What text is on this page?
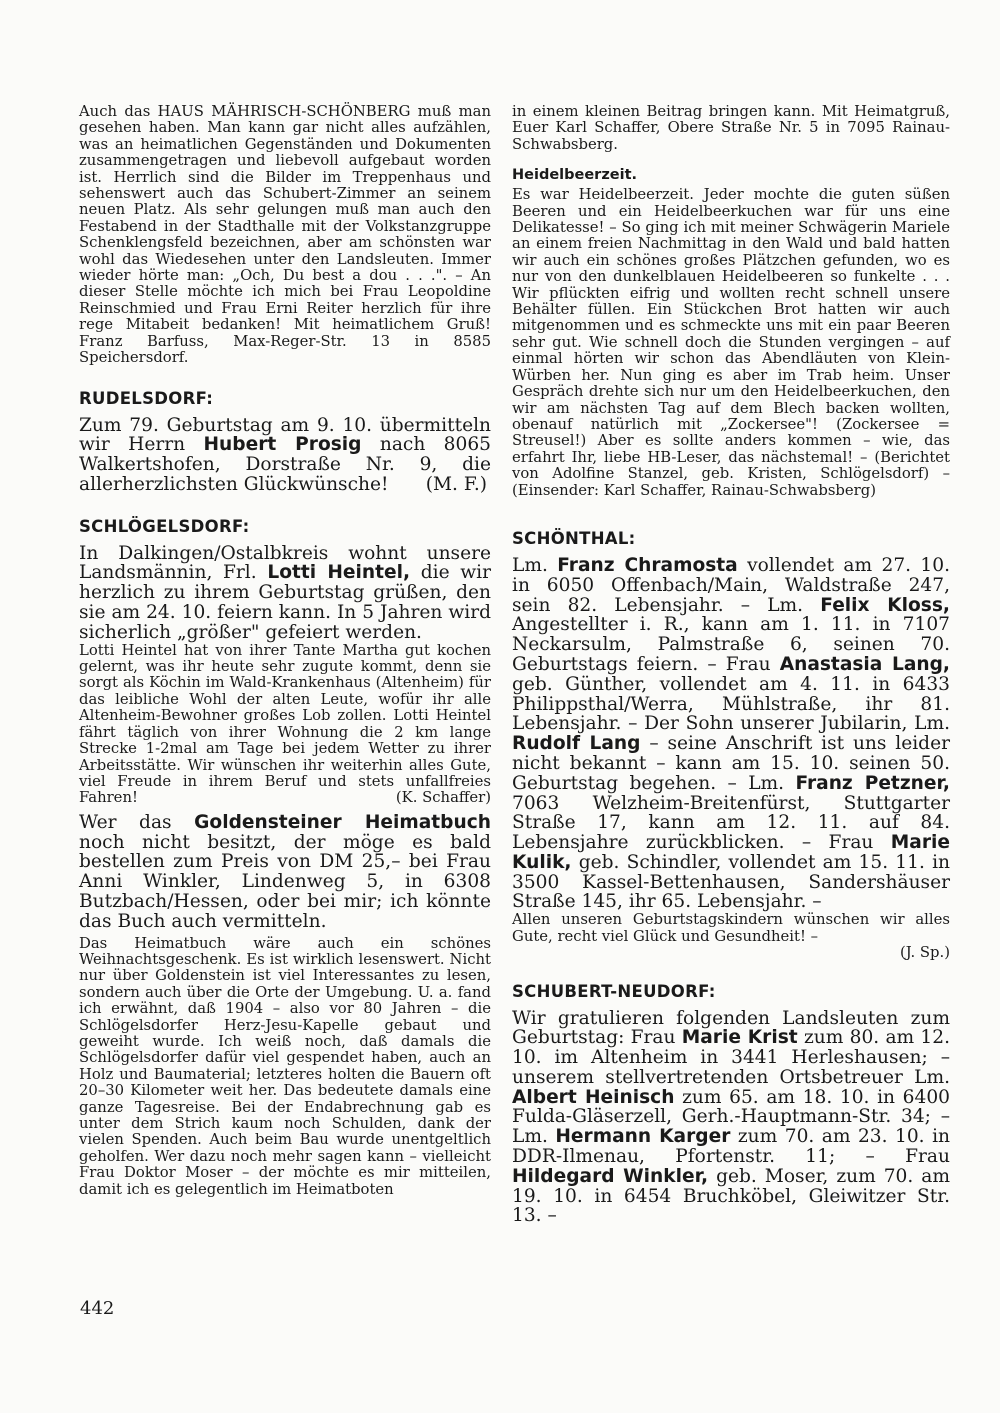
Auch das HAUS MÄHRISCH-SCHÖNBERG muß man gesehen haben. Man kann gar nicht alles aufzählen, was an heimatlichen Gegenständen und Dokumenten zusammengetragen und liebevoll aufgebaut worden ist. Herrlich sind die Bilder im Treppenhaus und sehenswert auch das Schubert-Zimmer an seinem neuen Platz. Als sehr gelungen muß man auch den Festabend in der Stadthalle mit der Volkstanzgruppe Schenklengsfeld bezeichnen, aber am schönsten war wohl das Wiedesehen unter den Landsleuten. Immer wieder hörte man: „Och, Du best a dou . . .". – An dieser Stelle möchte ich mich bei Frau Leopoldine Reinschmied und Frau Erni Reiter herzlich für ihre rege Mitabeit bedanken! Mit heimatlichem Gruß! Franz Barfuss, Max-Reger-Str. 13 in 8585 Speichersdorf.

RUDELSDORF:

Zum 79. Geburtstag am 9. 10. übermitteln wir Herrn Hubert Prosig nach 8065 Walkertshofen, Dorstraße Nr. 9, die allerherzlichsten Glückwünsche! (M. F.)

SCHLÖGELSDORF:

In Dalkingen/Ostalbkreis wohnt unsere Landsmännin, Frl. Lotti Heintel, die wir herzlich zu ihrem Geburtstag grüßen, den sie am 24. 10. feiern kann. In 5 Jahren wird sicherlich „größer" gefeiert werden.

Lotti Heintel hat von ihrer Tante Martha gut kochen gelernt, was ihr heute sehr zugute kommt, denn sie sorgt als Köchin im Wald-Krankenhaus (Altenheim) für das leibliche Wohl der alten Leute, wofür ihr alle Altenheim-Bewohner großes Lob zollen. Lotti Heintel fährt täglich von ihrer Wohnung die 2 km lange Strecke 1-2mal am Tage bei jedem Wetter zu ihrer Arbeitsstätte. Wir wünschen ihr weiterhin alles Gute, viel Freude in ihrem Beruf und stets unfallfreies Fahren!	(K. Schaffer)

Wer das Goldensteiner Heimatbuch noch nicht besitzt, der möge es bald bestellen zum Preis von DM 25,– bei Frau Anni Winkler, Lindenweg 5, in 6308 Butzbach/Hessen, oder bei mir; ich könnte das Buch auch vermitteln.

Das Heimatbuch wäre auch ein schönes Weihnachtsgeschenk. Es ist wirklich lesenswert. Nicht nur über Goldenstein ist viel Interessantes zu lesen, sondern auch über die Orte der Umgebung. U. a. fand ich erwähnt, daß 1904 – also vor 80 Jahren – die Schlögelsdorfer Herz-Jesu-Kapelle gebaut und geweiht wurde. Ich weiß noch, daß damals die Schlögelsdorfer dafür viel gespendet haben, auch an Holz und Baumaterial; letzteres holten die Bauern oft 20–30 Kilometer weit her. Das bedeutete damals eine ganze Tagesreise. Bei der Endabrechnung gab es unter dem Strich kaum noch Schulden, dank der vielen Spenden. Auch beim Bau wurde unentgeltlich geholfen. Wer dazu noch mehr sagen kann – vielleicht Frau Doktor Moser – der möchte es mir mitteilen, damit ich es gelegentlich im Heimatboten

in einem kleinen Beitrag bringen kann. Mit Heimatgruß, Euer Karl Schaffer, Obere Straße Nr. 5 in 7095 Rainau-Schwabsberg.

Heidelbeerzeit.

Es war Heidelbeerzeit. Jeder mochte die guten süßen Beeren und ein Heidelbeerkuchen war für uns eine Delikatesse! – So ging ich mit meiner Schwägerin Mariele an einem freien Nachmittag in den Wald und bald hatten wir auch ein schönes großes Plätzchen gefunden, wo es nur von den dunkelblauen Heidelbeeren so funkelte . . . Wir pflückten eifrig und wollten recht schnell unsere Behälter füllen. Ein Stückchen Brot hatten wir auch mitgenommen und es schmeckte uns mit ein paar Beeren sehr gut. Wie schnell doch die Stunden vergingen – auf einmal hörten wir schon das Abendläuten von Klein-Würben her. Nun ging es aber im Trab heim. Unser Gespräch drehte sich nur um den Heidelbeerkuchen, den wir am nächsten Tag auf dem Blech backen wollten, obenauf natürlich mit „Zockersee"! (Zockersee = Streusel!) Aber es sollte anders kommen – wie, das erfahrt Ihr, liebe HB-Leser, das nächstemal! – (Berichtet von Adolfine Stanzel, geb. Kristen, Schlögelsdorf) – (Einsender: Karl Schaffer, Rainau-Schwabsberg)

SCHÖNTHAL:

Lm. Franz Chramosta vollendet am 27. 10. in 6050 Offenbach/Main, Waldstraße 247, sein 82. Lebensjahr. – Lm. Felix Kloss, Angestellter i. R., kann am 1. 11. in 7107 Neckarsulm, Palmstraße 6, seinen 70. Geburtstags feiern. – Frau Anastasia Lang, geb. Günther, vollendet am 4. 11. in 6433 Philippsthal/Werra, Mühlstraße, ihr 81. Lebensjahr. – Der Sohn unserer Jubilarin, Lm. Rudolf Lang – seine Anschrift ist uns leider nicht bekannt – kann am 15. 10. seinen 50. Geburtstag begehen. – Lm. Franz Petzner, 7063 Welzheim-Breitenfürst, Stuttgarter Straße 17, kann am 12. 11. auf 84. Lebensjahre zurückblicken. – Frau Marie Kulik, geb. Schindler, vollendet am 15. 11. in 3500 Kassel-Bettenhausen, Sandershäuser Straße 145, ihr 65. Lebensjahr. –

Allen unseren Geburtstagskindern wünschen wir alles Gute, recht viel Glück und Gesundheit! –

(J. Sp.)
SCHUBERT-NEUDORF:

Wir gratulieren folgenden Landsleuten zum Geburtstag: Frau Marie Krist zum 80. am 12. 10. im Altenheim in 3441 Herleshausen; – unserem stellvertretenden Ortsbetreuer Lm. Albert Heinisch zum 65. am 18. 10. in 6400 Fulda-Gläserzell, Gerh.-Hauptmann-Str. 34; – Lm. Hermann Karger zum 70. am 23. 10. in DDR-Ilmenau, Pfortenstr. 11; – Frau Hildegard Winkler, geb. Moser, zum 70. am 19. 10. in 6454 Bruchköbel, Gleiwitzer Str. 13. –

442
